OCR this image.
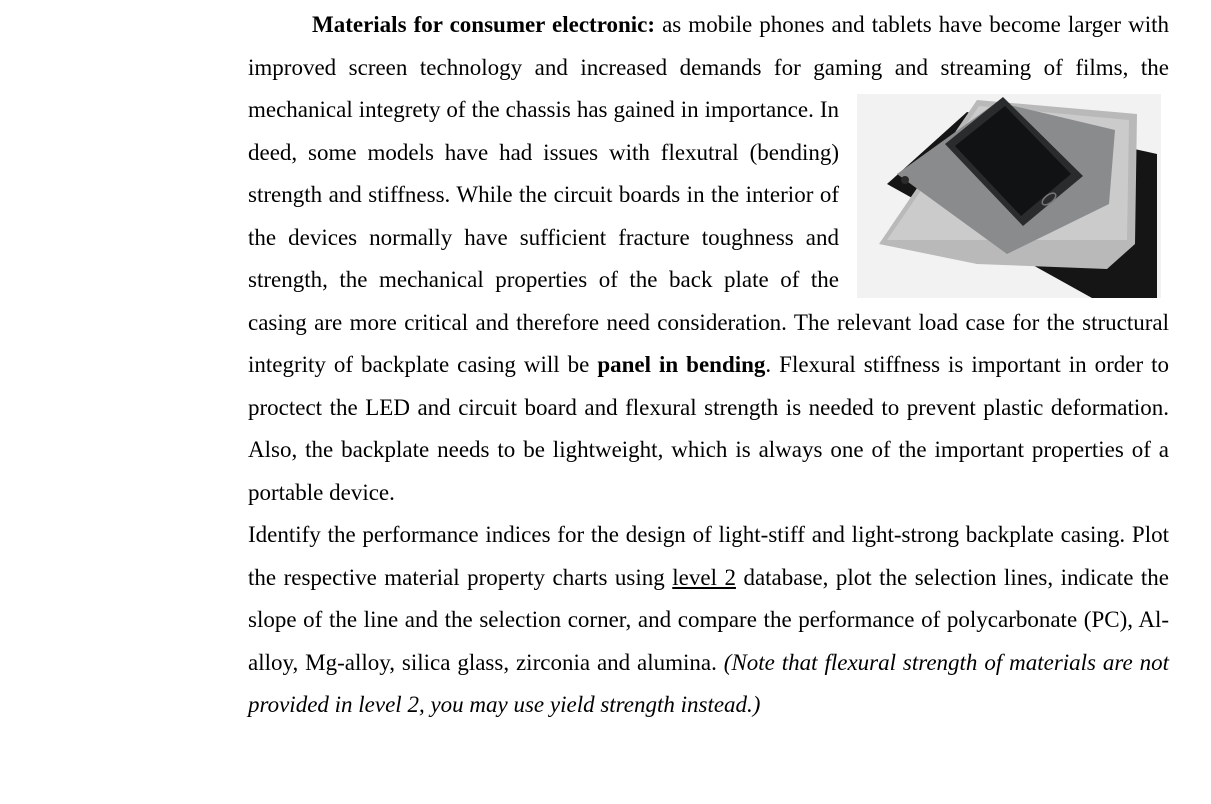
Materials for consumer electronic: as mobile phones and tablets have become larger with improved screen technology and increased demands for gaming and streaming of films, the mechanical integrety of the chassis has gained in importance. In deed, some models have had issues with flexutral (bending) strength and stiffness. While the circuit boards in the interior of the devices normally have sufficient fracture toughness and strength, the mechanical properties of the back plate of the casing are more critical and therefore need consideration. The relevant load case for the structural integrity of backplate casing will be panel in bending. Flexural stiffness is important in order to proctect the LED and circuit board and flexural strength is needed to prevent plastic deformation. Also, the backplate needs to be lightweight, which is always one of the important properties of a portable device.

Identify the performance indices for the design of light-stiff and light-strong backplate casing. Plot the respective material property charts using level 2 database, plot the selection lines, indicate the slope of the line and the selection corner, and compare the performance of polycarbonate (PC), Al-alloy, Mg-alloy, silica glass, zirconia and alumina. (Note that flexural strength of materials are not provided in level 2, you may use yield strength instead.)
